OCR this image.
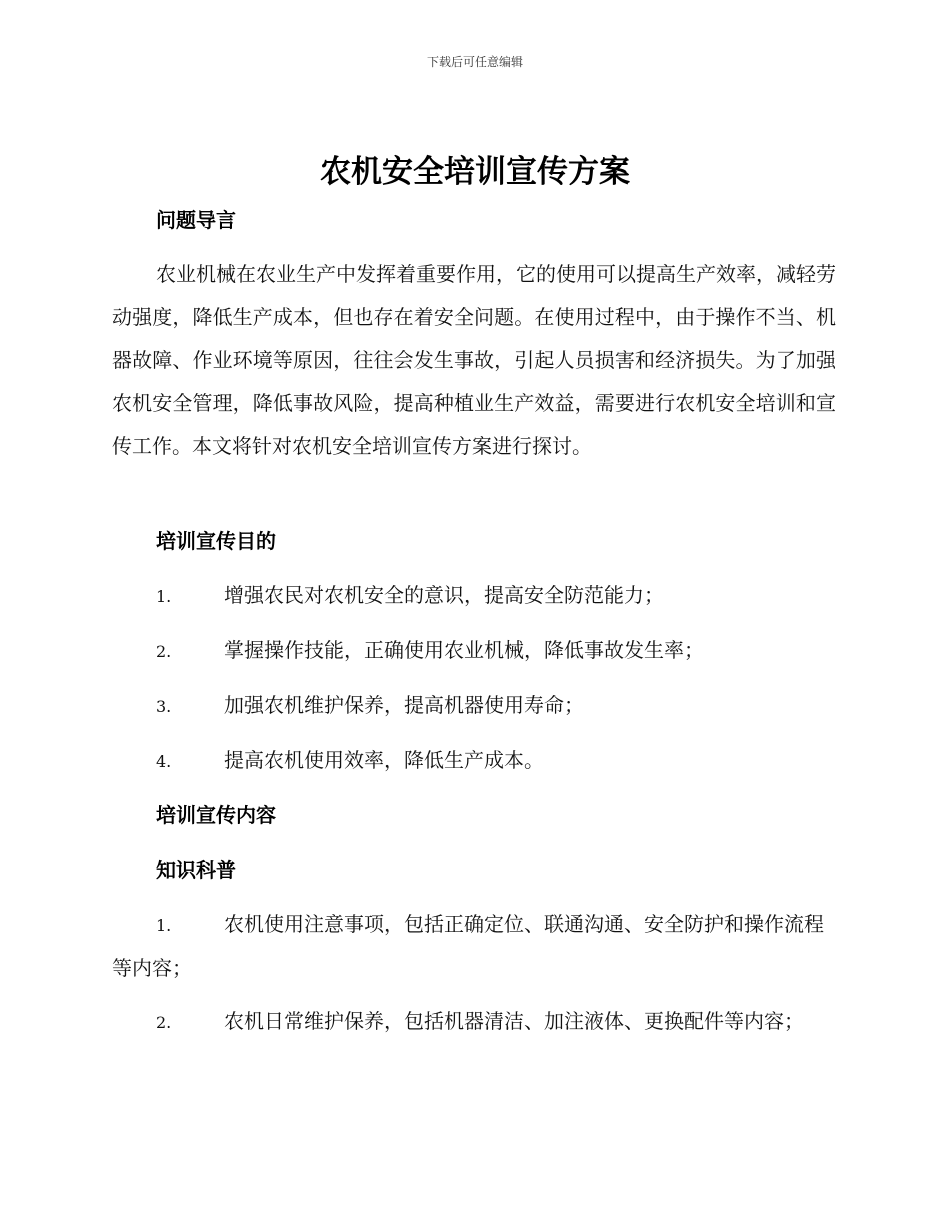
下载后可任意编辑
农机安全培训宣传方案
问题导言

农业机械在农业生产中发挥着重要作用，它的使用可以提高生产效率，减轻劳动强度，降低生产成本，但也存在着安全问题。在使用过程中，由于操作不当、机器故障、作业环境等原因，往往会发生事故，引起人员损害和经济损失。为了加强农机安全管理，降低事故风险，提高种植业生产效益，需要进行农机安全培训和宣传工作。本文将针对农机安全培训宣传方案进行探讨。

培训宣传目的

1.	增强农民对农机安全的意识，提高安全防范能力；

2.	掌握操作技能，正确使用农业机械，降低事故发生率；

3.	加强农机维护保养，提高机器使用寿命；

4.	提高农机使用效率，降低生产成本。

培训宣传内容
知识科普

1.	农机使用注意事项，包括正确定位、联通沟通、安全防护和操作流程等内容；

2.	农机日常维护保养，包括机器清洁、加注液体、更换配件等内容；
